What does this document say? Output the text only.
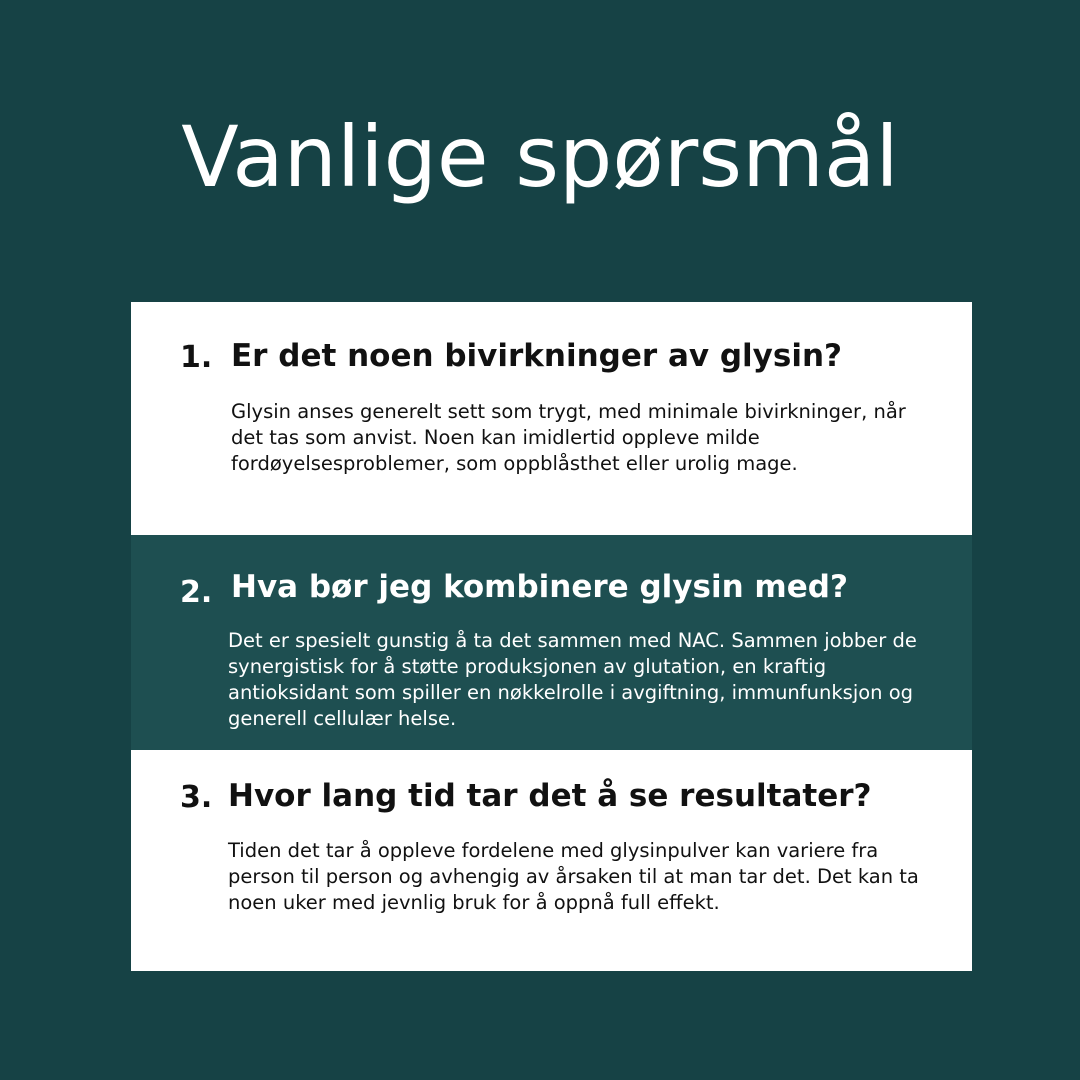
Vanlige spørsmål
1. Er det noen bivirkninger av glysin?

Glysin anses generelt sett som trygt, med minimale bivirkninger, når det tas som anvist. Noen kan imidlertid oppleve milde fordøyelsesproblemer, som oppblåsthet eller urolig mage.

2. Hva bør jeg kombinere glysin med?

Det er spesielt gunstig å ta det sammen med NAC. Sammen jobber de synergistisk for å støtte produksjonen av glutation, en kraftig antioksidant som spiller en nøkkelrolle i avgiftning, immunfunksjon og generell cellulær helse.

3. Hvor lang tid tar det å se resultater?

Tiden det tar å oppleve fordelene med glysinpulver kan variere fra person til person og avhengig av årsaken til at man tar det. Det kan ta noen uker med jevnlig bruk for å oppnå full effekt.
